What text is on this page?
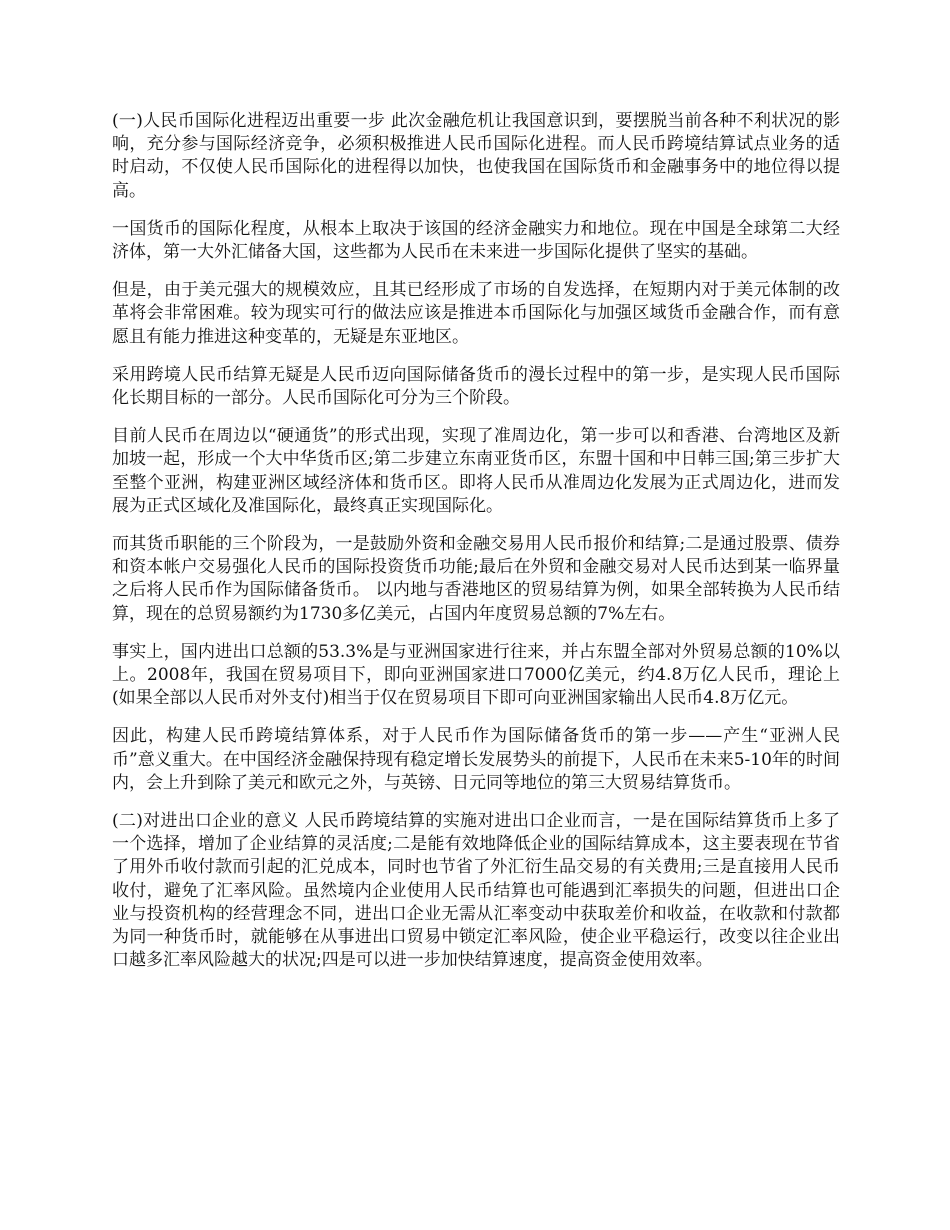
(一)人民币国际化进程迈出重要一步 此次金融危机让我国意识到，要摆脱当前各种不利状况的影响，充分参与国际经济竞争，必须积极推进人民币国际化进程。而人民币跨境结算试点业务的适时启动，不仅使人民币国际化的进程得以加快，也使我国在国际货币和金融事务中的地位得以提高。

一国货币的国际化程度，从根本上取决于该国的经济金融实力和地位。现在中国是全球第二大经济体，第一大外汇储备大国，这些都为人民币在未来进一步国际化提供了坚实的基础。

但是，由于美元强大的规模效应，且其已经形成了市场的自发选择，在短期内对于美元体制的改革将会非常困难。较为现实可行的做法应该是推进本币国际化与加强区域货币金融合作，而有意愿且有能力推进这种变革的，无疑是东亚地区。

采用跨境人民币结算无疑是人民币迈向国际储备货币的漫长过程中的第一步，是实现人民币国际化长期目标的一部分。人民币国际化可分为三个阶段。

目前人民币在周边以“硬通货”的形式出现，实现了准周边化，第一步可以和香港、台湾地区及新加坡一起，形成一个大中华货币区;第二步建立东南亚货币区，东盟十国和中日韩三国;第三步扩大至整个亚洲，构建亚洲区域经济体和货币区。即将人民币从准周边化发展为正式周边化，进而发展为正式区域化及准国际化，最终真正实现国际化。

而其货币职能的三个阶段为，一是鼓励外资和金融交易用人民币报价和结算;二是通过股票、债券和资本帐户交易强化人民币的国际投资货币功能;最后在外贸和金融交易对人民币达到某一临界量之后将人民币作为国际储备货币。 以内地与香港地区的贸易结算为例，如果全部转换为人民币结算，现在的总贸易额约为1730多亿美元，占国内年度贸易总额的7%左右。

事实上，国内进出口总额的53.3%是与亚洲国家进行往来，并占东盟全部对外贸易总额的10%以上。2008年，我国在贸易项目下，即向亚洲国家进口7000亿美元，约4.8万亿人民币，理论上(如果全部以人民币对外支付)相当于仅在贸易项目下即可向亚洲国家输出人民币4.8万亿元。

因此，构建人民币跨境结算体系，对于人民币作为国际储备货币的第一步——产生“亚洲人民币”意义重大。在中国经济金融保持现有稳定增长发展势头的前提下，人民币在未来5-10年的时间内，会上升到除了美元和欧元之外，与英镑、日元同等地位的第三大贸易结算货币。

(二)对进出口企业的意义 人民币跨境结算的实施对进出口企业而言，一是在国际结算货币上多了一个选择，增加了企业结算的灵活度;二是能有效地降低企业的国际结算成本，这主要表现在节省了用外币收付款而引起的汇兑成本，同时也节省了外汇衍生品交易的有关费用;三是直接用人民币收付，避免了汇率风险。虽然境内企业使用人民币结算也可能遇到汇率损失的问题，但进出口企业与投资机构的经营理念不同，进出口企业无需从汇率变动中获取差价和收益，在收款和付款都为同一种货币时，就能够在从事进出口贸易中锁定汇率风险，使企业平稳运行，改变以往企业出口越多汇率风险越大的状况;四是可以进一步加快结算速度，提高资金使用效率。
